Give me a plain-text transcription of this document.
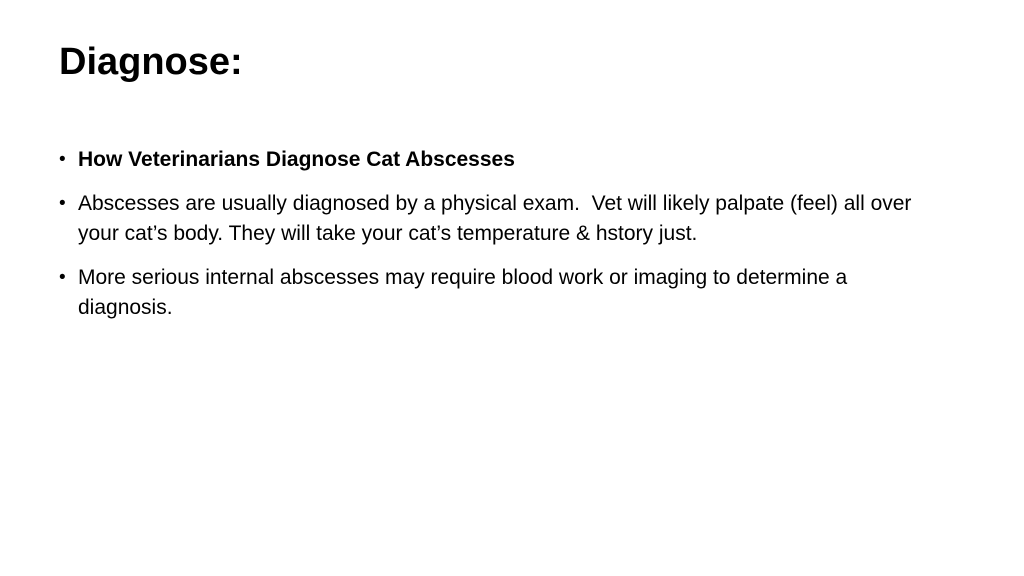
Diagnose:
• How Veterinarians Diagnose Cat Abscesses
• Abscesses are usually diagnosed by a physical exam.  Vet will likely palpate (feel) all over
your cat’s body. They will take your cat’s temperature & hstory just.
• More serious internal abscesses may require blood work or imaging to determine a
diagnosis.
